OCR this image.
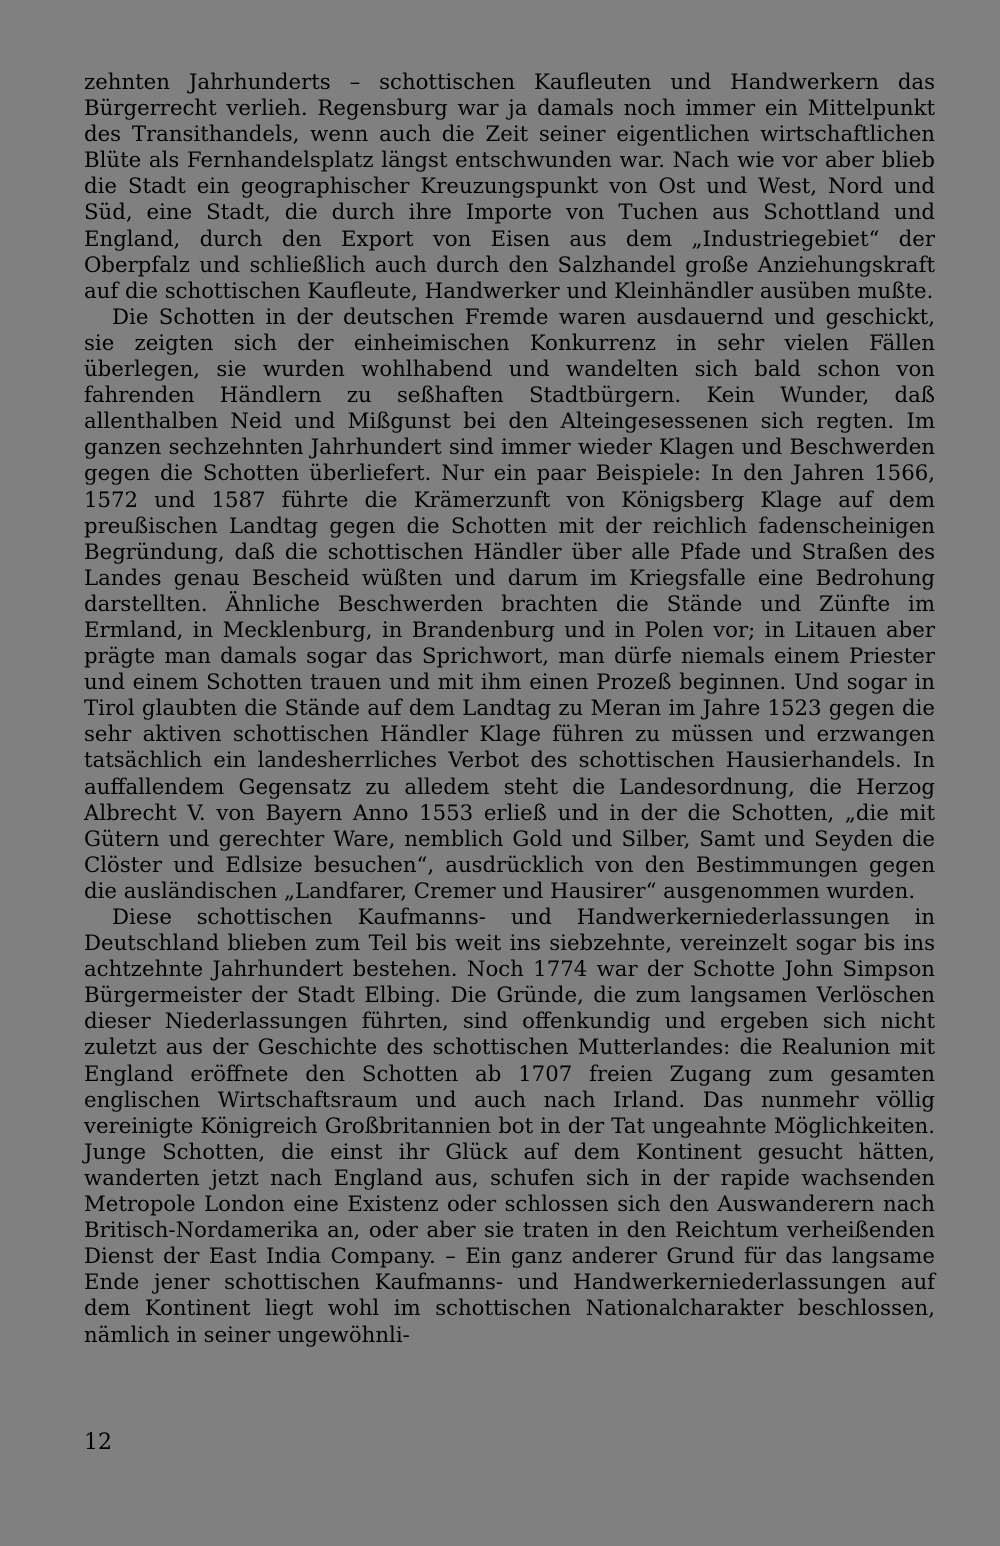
zehnten Jahrhunderts – schottischen Kaufleuten und Handwerkern das Bürgerrecht verlieh. Regensburg war ja damals noch immer ein Mittelpunkt des Transithandels, wenn auch die Zeit seiner eigentlichen wirtschaftlichen Blüte als Fernhandelsplatz längst entschwunden war. Nach wie vor aber blieb die Stadt ein geographischer Kreuzungspunkt von Ost und West, Nord und Süd, eine Stadt, die durch ihre Importe von Tuchen aus Schottland und England, durch den Export von Eisen aus dem „Industriegebiet“ der Oberpfalz und schließlich auch durch den Salzhandel große Anziehungskraft auf die schottischen Kaufleute, Handwerker und Kleinhändler ausüben mußte.

Die Schotten in der deutschen Fremde waren ausdauernd und geschickt, sie zeigten sich der einheimischen Konkurrenz in sehr vielen Fällen überlegen, sie wurden wohlhabend und wandelten sich bald schon von fahrenden Händlern zu seßhaften Stadtbürgern. Kein Wunder, daß allenthalben Neid und Mißgunst bei den Alteingesessenen sich regten. Im ganzen sechzehnten Jahrhundert sind immer wieder Klagen und Beschwerden gegen die Schotten überliefert. Nur ein paar Beispiele: In den Jahren 1566, 1572 und 1587 führte die Krämerzunft von Königsberg Klage auf dem preußischen Landtag gegen die Schotten mit der reichlich fadenscheinigen Begründung, daß die schottischen Händler über alle Pfade und Straßen des Landes genau Bescheid wüßten und darum im Kriegsfalle eine Bedrohung darstellten. Ähnliche Beschwerden brachten die Stände und Zünfte im Ermland, in Mecklenburg, in Brandenburg und in Polen vor; in Litauen aber prägte man damals sogar das Sprichwort, man dürfe niemals einem Priester und einem Schotten trauen und mit ihm einen Prozeß beginnen. Und sogar in Tirol glaubten die Stände auf dem Landtag zu Meran im Jahre 1523 gegen die sehr aktiven schottischen Händler Klage führen zu müssen und erzwangen tatsächlich ein landesherrliches Verbot des schottischen Hausierhandels. In auffallendem Gegensatz zu alledem steht die Landesordnung, die Herzog Albrecht V. von Bayern Anno 1553 erließ und in der die Schotten, „die mit Gütern und gerechter Ware, nemblich Gold und Silber, Samt und Seyden die Clöster und Edlsize besuchen“, ausdrücklich von den Bestimmungen gegen die ausländischen „Landfarer, Cremer und Hausirer“ ausgenommen wurden.

Diese schottischen Kaufmanns- und Handwerkerniederlassungen in Deutschland blieben zum Teil bis weit ins siebzehnte, vereinzelt sogar bis ins achtzehnte Jahrhundert bestehen. Noch 1774 war der Schotte John Simpson Bürgermeister der Stadt Elbing. Die Gründe, die zum langsamen Verlöschen dieser Niederlassungen führten, sind offenkundig und ergeben sich nicht zuletzt aus der Geschichte des schottischen Mutterlandes: die Realunion mit England eröffnete den Schotten ab 1707 freien Zugang zum gesamten englischen Wirtschaftsraum und auch nach Irland. Das nunmehr völlig vereinigte Königreich Großbritannien bot in der Tat ungeahnte Möglichkeiten. Junge Schotten, die einst ihr Glück auf dem Kontinent gesucht hätten, wanderten jetzt nach England aus, schufen sich in der rapide wachsenden Metropole London eine Existenz oder schlossen sich den Auswanderern nach Britisch-Nordamerika an, oder aber sie traten in den Reichtum verheißenden Dienst der East India Company. – Ein ganz anderer Grund für das langsame Ende jener schottischen Kaufmanns- und Handwerkerniederlassungen auf dem Kontinent liegt wohl im schottischen Nationalcharakter beschlossen, nämlich in seiner ungewöhnli-

12
